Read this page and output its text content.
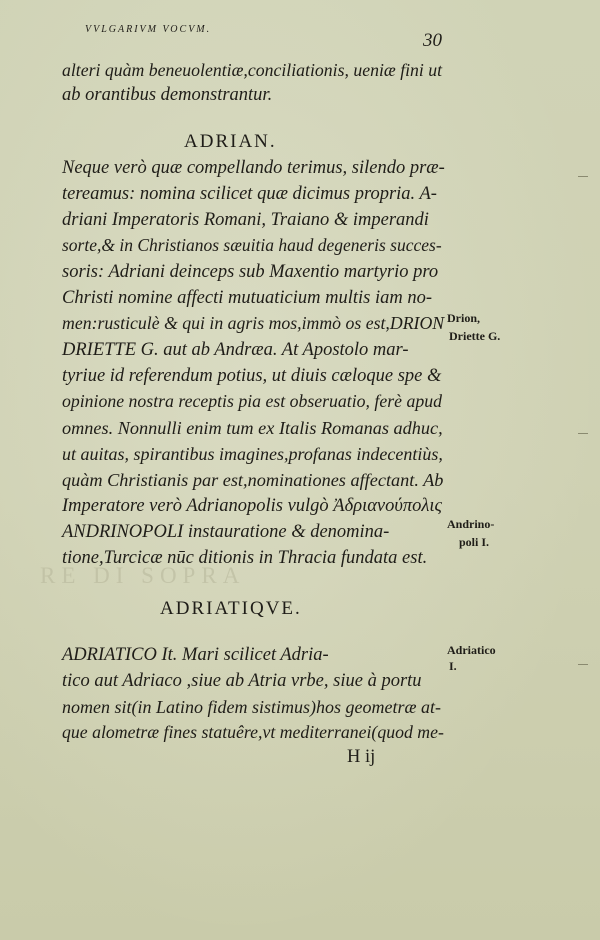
RE DI SOPRA
VVLGARIVM VOCVM.
30
alteri quàm beneuolentiæ,conciliationis, ueniæ fini ut
ab orantibus demonstrantur.
ADRIAN.
Neque verò quæ compellando terimus, silendo præ-
tereamus: nomina scilicet quæ dicimus propria. A-
driani Imperatoris Romani, Traiano & imperandi
sorte,& in Christianos sæuitia haud degeneris succes-
soris: Adriani deinceps sub Maxentio martyrio pro
Christi nomine affecti mutuaticium multis iam no-
men:rusticulè & qui in agris mos,immò os est,DRION
DRIETTE G. aut ab Andræa. At Apostolo mar-
tyriue id referendum potius, ut diuis cæloque spe &
opinione nostra receptis pia est obseruatio, ferè apud
omnes. Nonnulli enim tum ex Italis Romanas adhuc,
ut auitas, spirantibus imagines,profanas indecentiùs,
quàm Christianis par est,nominationes affectant. Ab
Imperatore verò Adrianopolis vulgò Ἀδριανούπολις
ANDRINOPOLI instauratione & denomina-
tione,Turcicæ nūc ditionis in Thracia fundata est.
ADRIATIQVE.
ADRIATICO It. Mari scilicet Adria-
tico aut Adriaco ,siue ab Atria vrbe, siue à portu
nomen sit(in Latino fidem sistimus)hos geometræ at-
que alometræ fines statuêre,vt mediterranei(quod me-
H ij
Drion,
Driette G.
Andrino-
poli I.
Adriatico
I.
